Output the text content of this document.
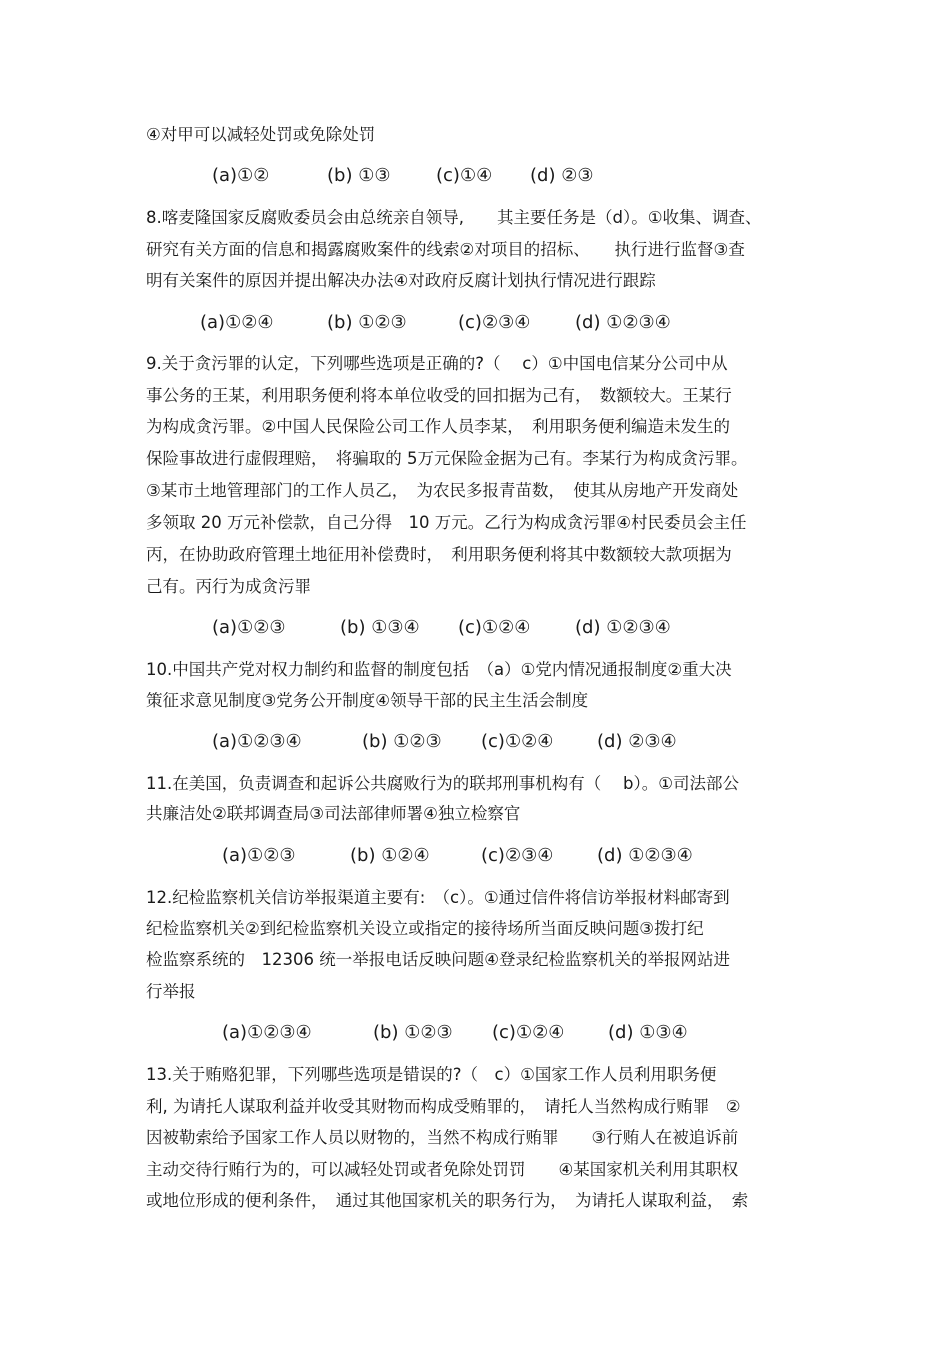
④对甲可以减轻处罚或免除处罚
(a)①②	(b) ①③	(c)①④ (d) ②③
8.喀麦隆国家反腐败委员会由总统亲自领导,　　其主要任务是（d）。①收集、调查、
研究有关方面的信息和揭露腐败案件的线索②对项目的招标、　　执行进行监督③查
明有关案件的原因并提出解决办法④对政府反腐计划执行情况进行跟踪
(a)①②④	(b) ①②③	(c)②③④ (d) ①②③④
9.关于贪污罪的认定，下列哪些选项是正确的?（　 c）①中国电信某分公司中从
事公务的王某，利用职务便利将本单位收受的回扣据为己有，　数额较大。王某行
为构成贪污罪。②中国人民保险公司工作人员李某，　利用职务便利编造未发生的
保险事故进行虚假理赔，　将骗取的 5万元保险金据为己有。李某行为构成贪污罪。
③某市土地管理部门的工作人员乙，　为农民多报青苗数，　使其从房地产开发商处
多领取 20 万元补偿款，自己分得　10 万元。乙行为构成贪污罪④村民委员会主任
丙，在协助政府管理土地征用补偿费时，　利用职务便利将其中数额较大款项据为
己有。丙行为成贪污罪
(a)①②③	(b) ①③④ (c)①②④ (d) ①②③④
10.中国共产党对权力制约和监督的制度包括　（a）①党内情况通报制度②重大决
策征求意见制度③党务公开制度④领导干部的民主生活会制度
(a)①②③④	(b) ①②③ (c)①②④ (d) ②③④
11.在美国，负责调查和起诉公共腐败行为的联邦刑事机构有（　 b）。①司法部公
共廉洁处②联邦调查局③司法部律师署④独立检察官
(a)①②③	(b) ①②④	(c)②③④ (d) ①②③④
12.纪检监察机关信访举报渠道主要有:　（c）。①通过信件将信访举报材料邮寄到
纪检监察机关②到纪检监察机关设立或指定的接待场所当面反映问题③拨打纪
检监察系统的　12306 统一举报电话反映问题④登录纪检监察机关的举报网站进
行举报
(a)①②③④	(b) ①②③ (c)①②④ (d) ①③④
13.关于贿赂犯罪，下列哪些选项是错误的?（　c）①国家工作人员利用职务便
利, 为请托人谋取利益并收受其财物而构成受贿罪的，　请托人当然构成行贿罪　②
因被勒索给予国家工作人员以财物的，当然不构成行贿罪　　③行贿人在被追诉前
主动交待行贿行为的，可以减轻处罚或者免除处罚罚　　④某国家机关利用其职权
或地位形成的便利条件，　通过其他国家机关的职务行为，　为请托人谋取利益，　索
